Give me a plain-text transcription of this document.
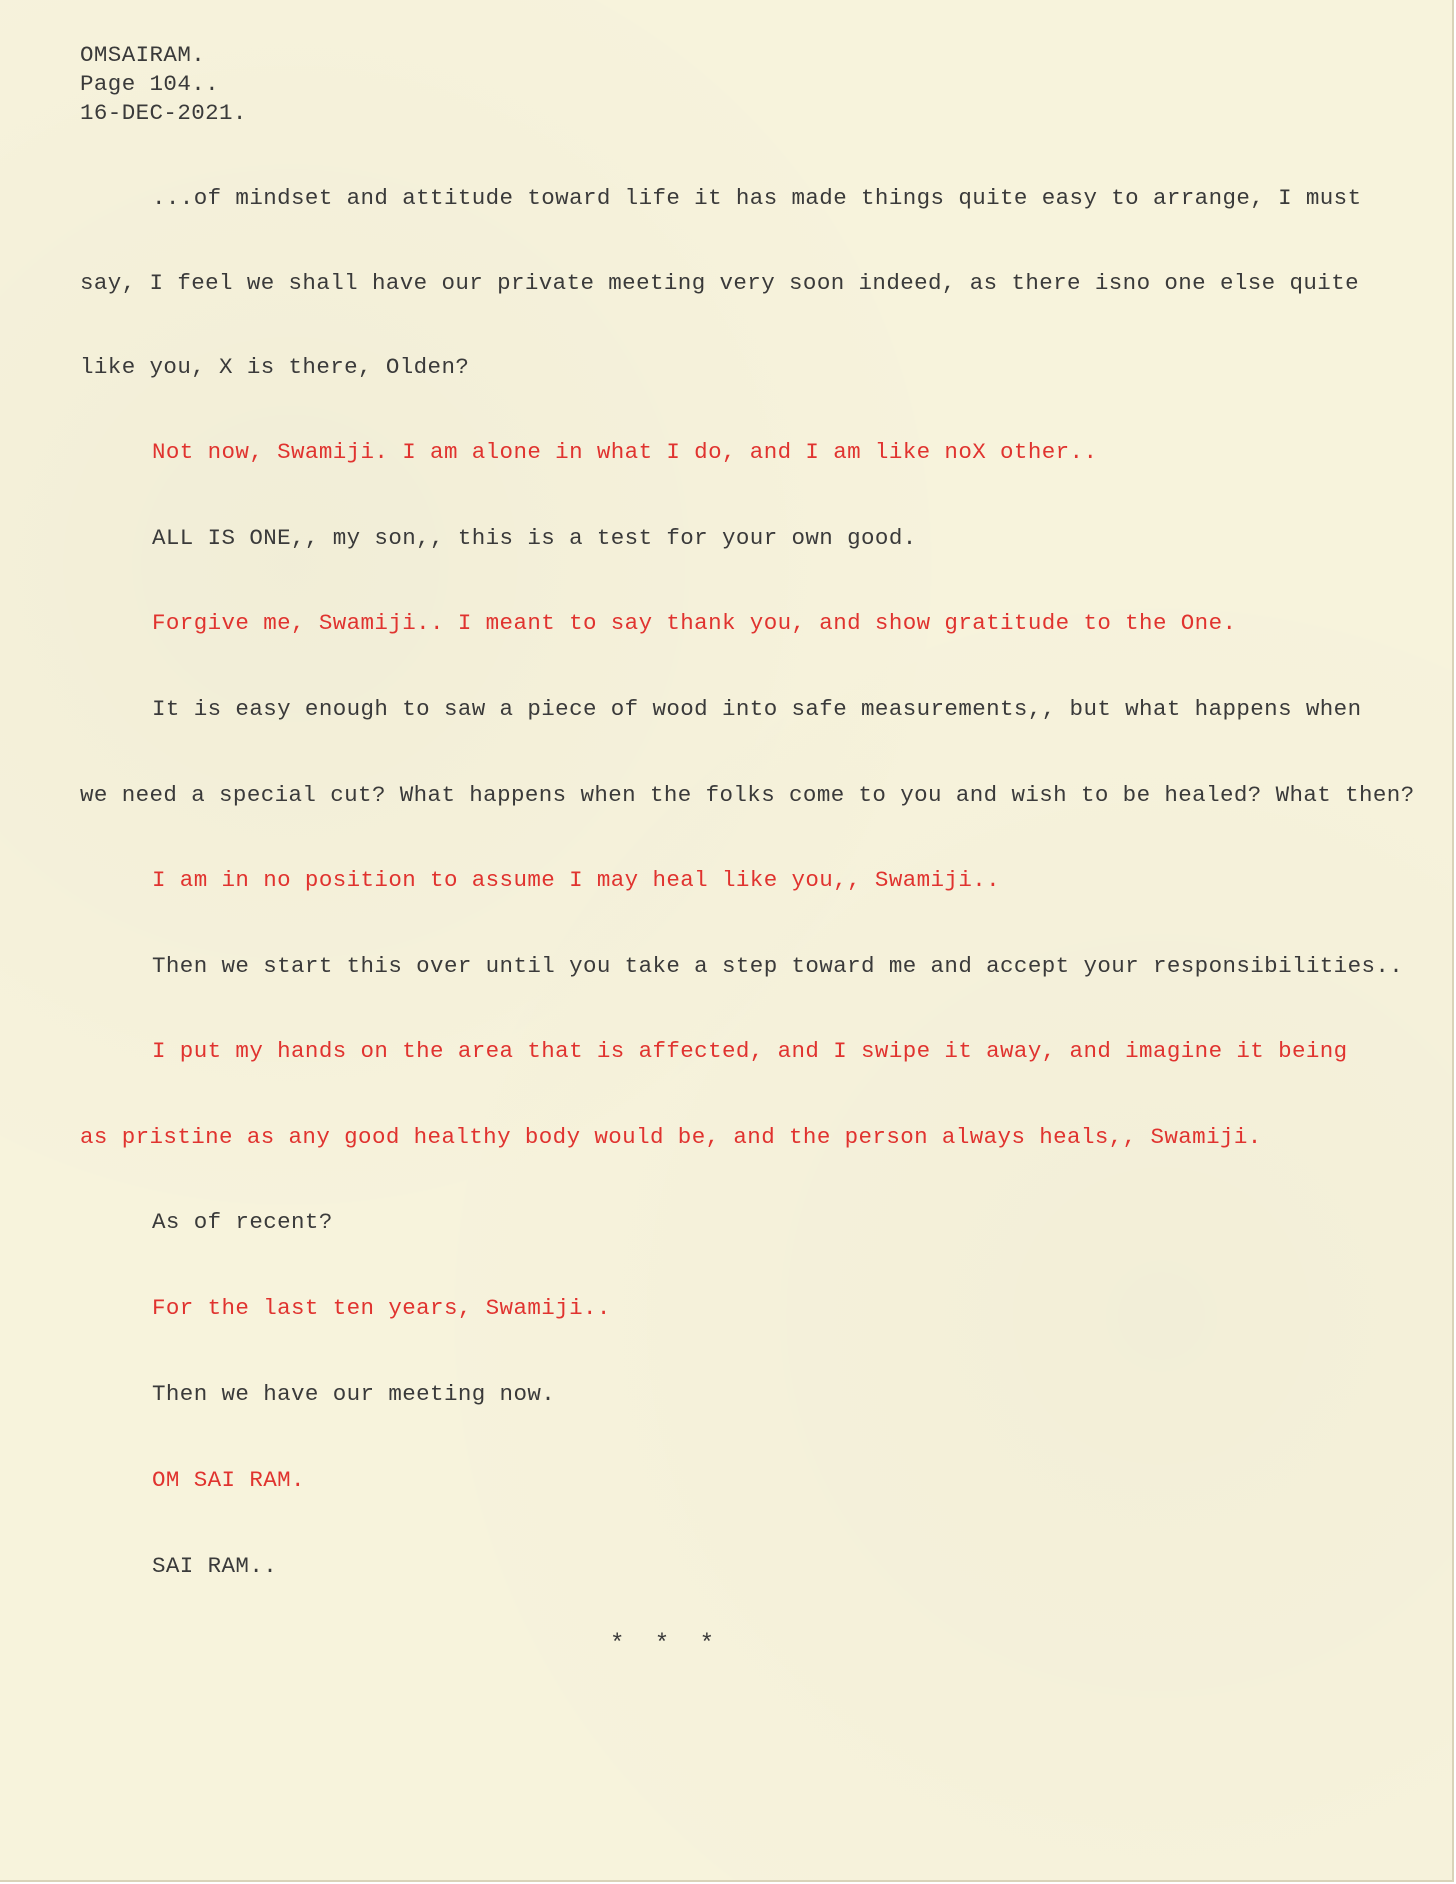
OMSAIRAM.
Page 104..
16-DEC-2021.
...of mindset and attitude toward life it has made things quite easy to arrange, I must
say, I feel we shall have our private meeting very soon indeed, as there isno one else quite
like you, X is there, Olden?
Not now, Swamiji. I am alone in what I do, and I am like noX other..
ALL IS ONE,, my son,, this is a test for your own good.
Forgive me, Swamiji.. I meant to say thank you, and show gratitude to the One.
It is easy enough to saw a piece of wood into safe measurements,, but what happens when
we need a special cut? What happens when the folks come to you and wish to be healed? What then?
I am in no position to assume I may heal like you,, Swamiji..
Then we start this over until you take a step toward me and accept your responsibilities..
I put my hands on the area that is affected, and I swipe it away, and imagine it being
as pristine as any good healthy body would be, and the person always heals,, Swamiji.
As of recent?
For the last ten years, Swamiji..
Then we have our meeting now.
OM SAI RAM.
SAI RAM..
* * *
